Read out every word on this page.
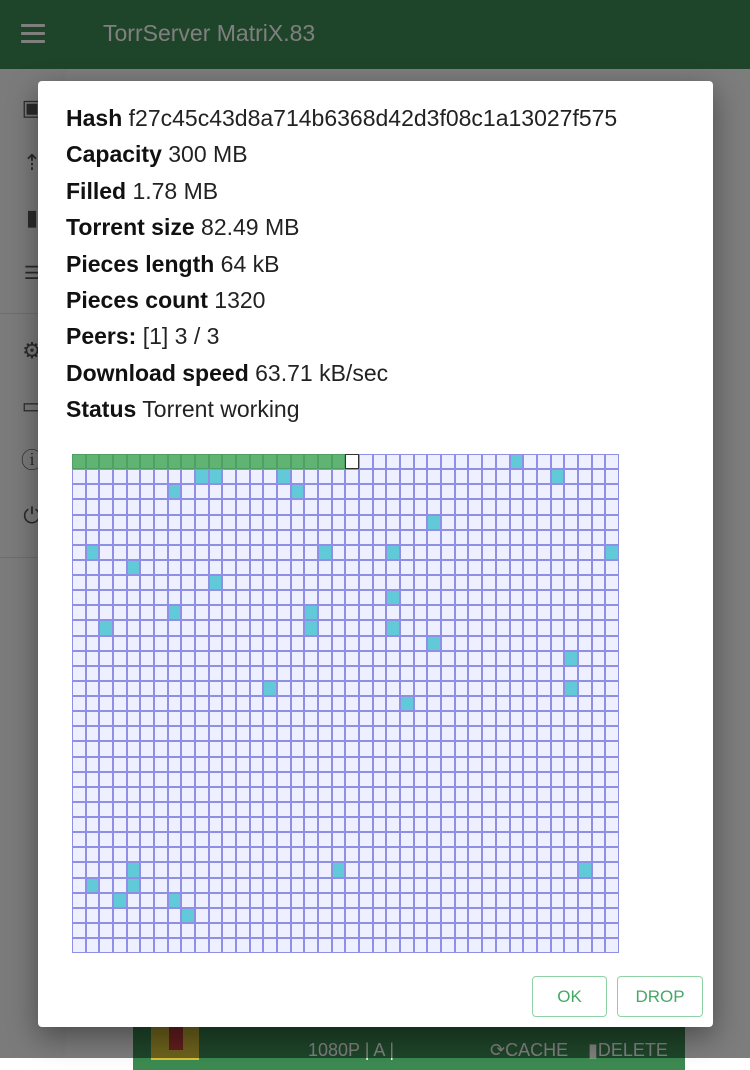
Hash f27c45c43d8a714b6368d42d3f08c1a13027f575
Capacity 300 MB
Filled 1.78 MB
Torrent size 82.49 MB
Pieces length 64 kB
Pieces count 1320
Peers: [1] 3 / 3
Download speed 63.71 kB/sec
Status Torrent working
OK	DROP
